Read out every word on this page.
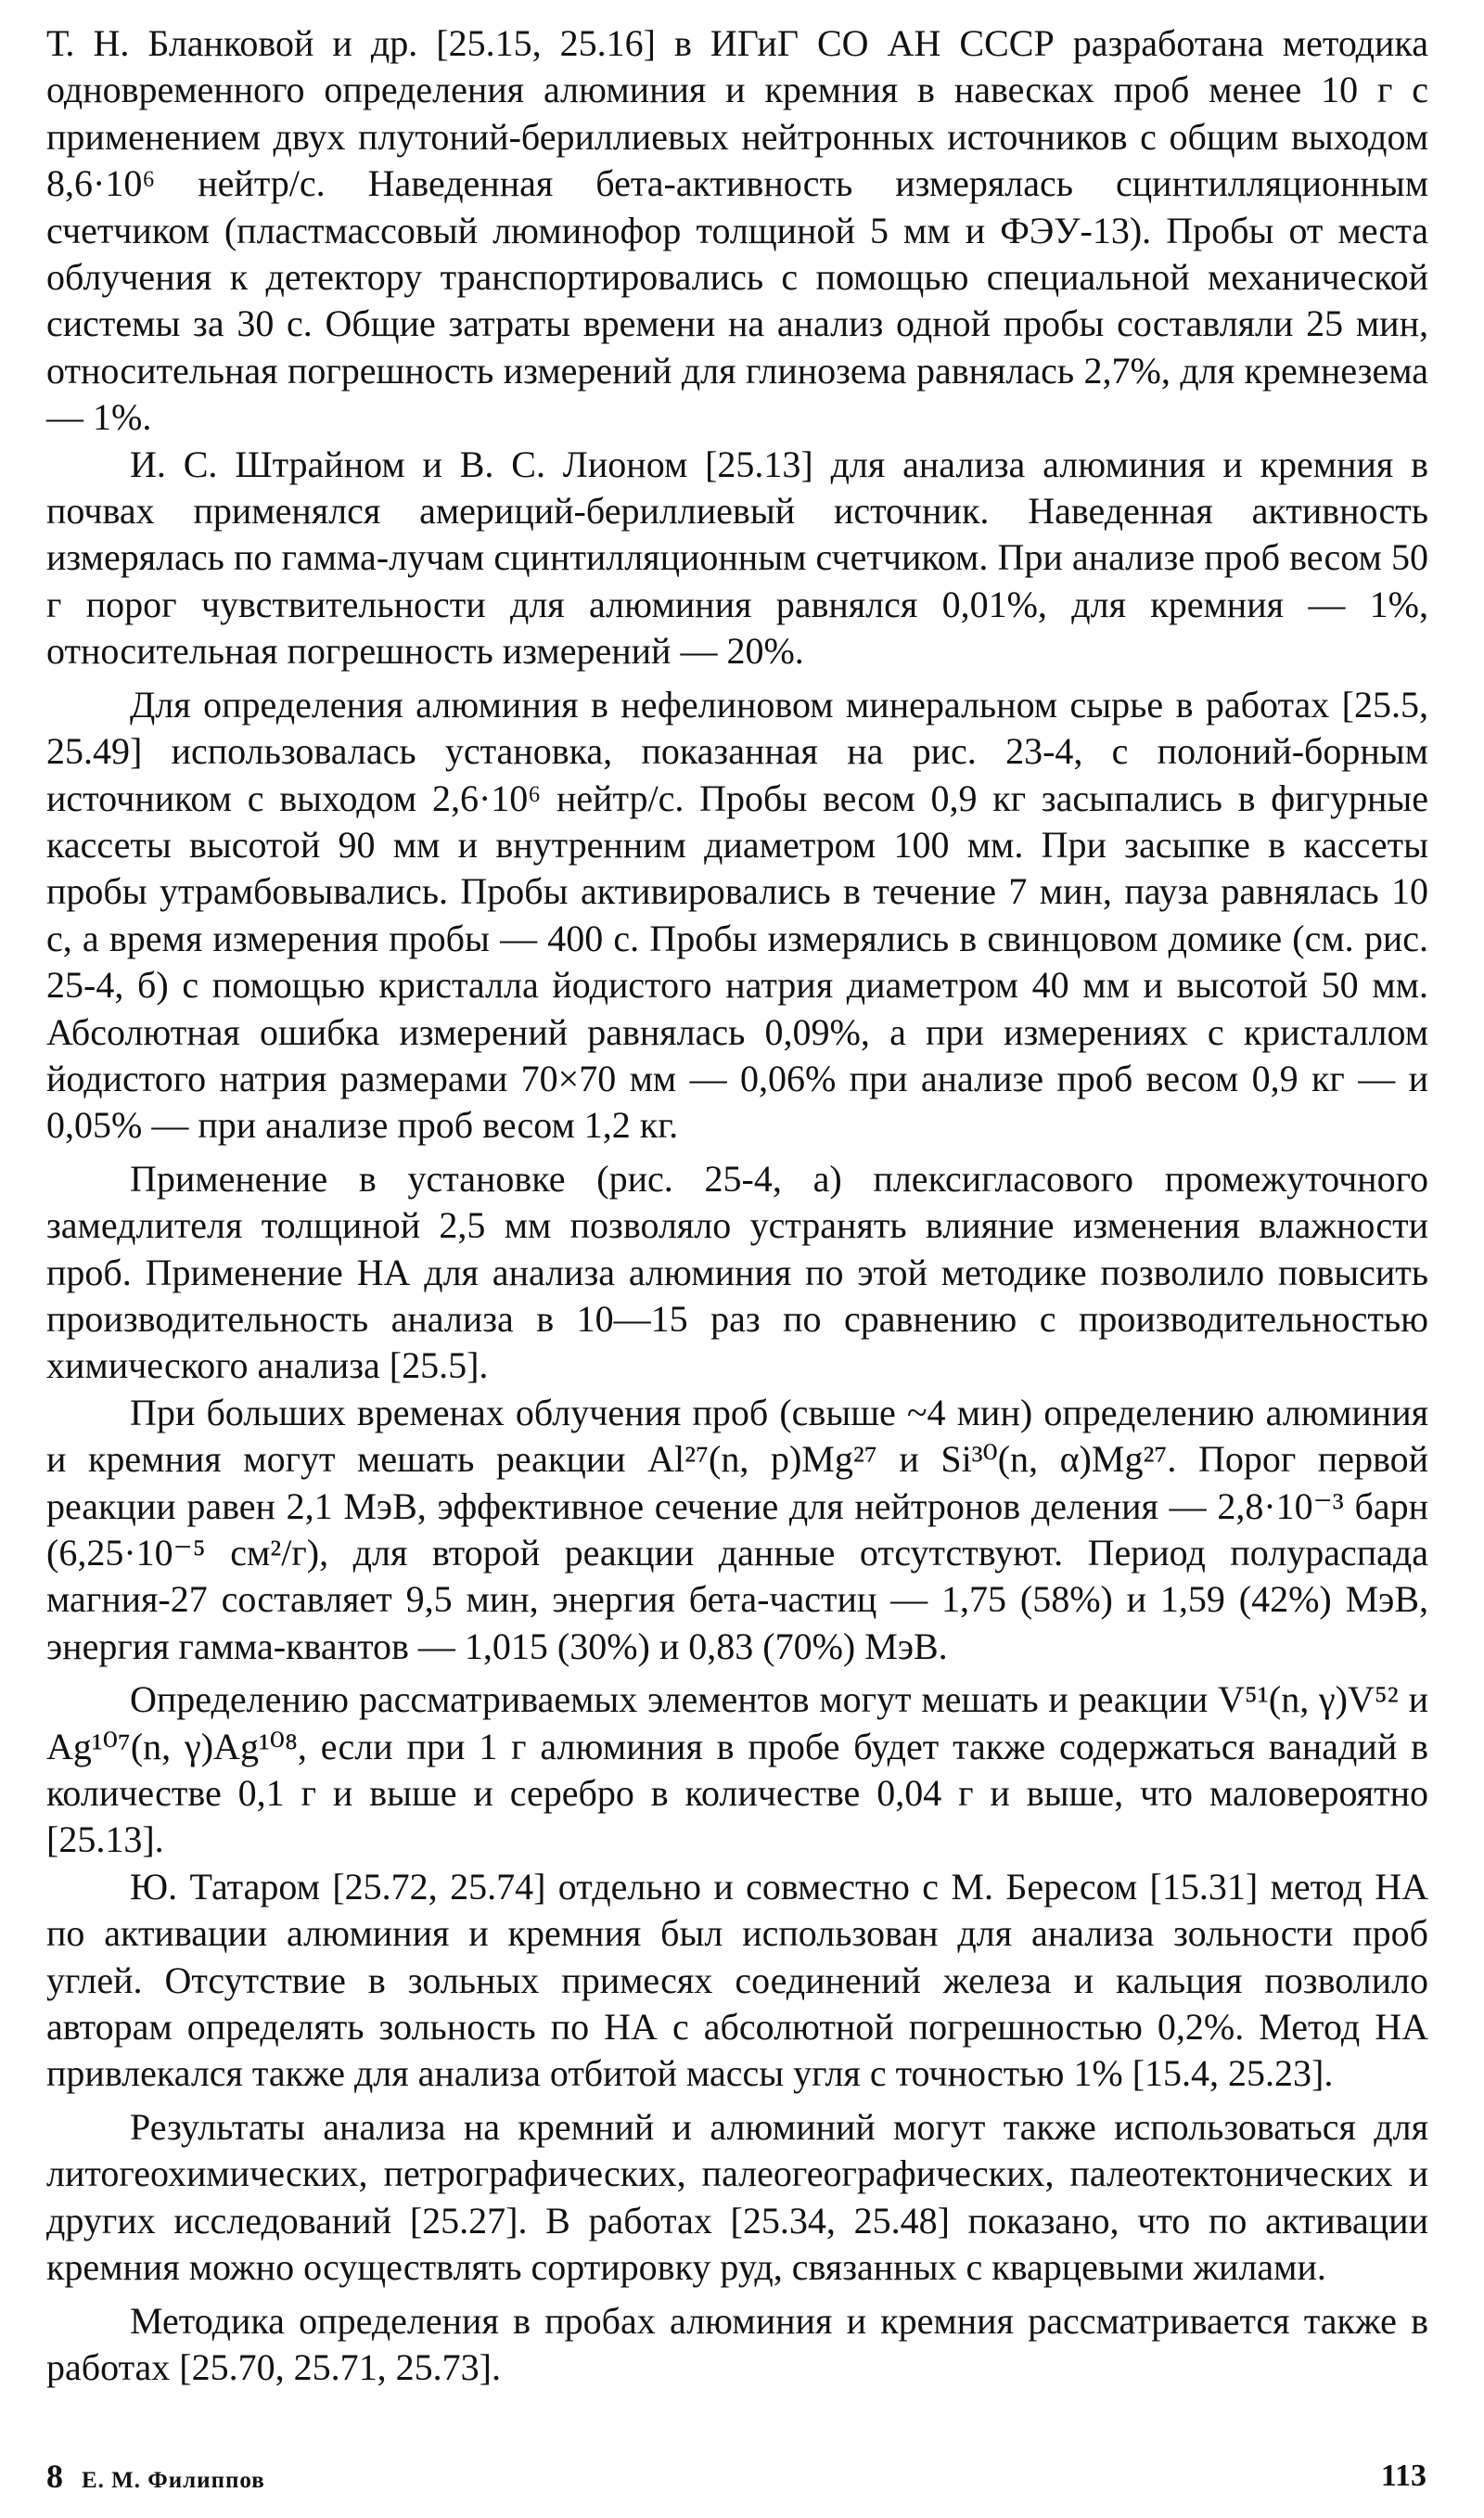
Т. Н. Бланковой и др. [25.15, 25.16] в ИГиГ СО АН СССР разработана методика одновременного определения алюминия и кремния в навесках проб менее 10 г с применением двух плутоний-бериллиевых нейтронных источников с общим выходом 8,6·10⁶ нейтр/с. Наведенная бета-активность измерялась сцинтилляционным счетчиком (пластмассовый люминофор толщиной 5 мм и ФЭУ-13). Пробы от места облучения к детектору транспортировались с помощью специальной механической системы за 30 с. Общие затраты времени на анализ одной пробы составляли 25 мин, относительная погрешность измерений для глинозема равнялась 2,7%, для кремнезема — 1%.

И. С. Штрайном и В. С. Лионом [25.13] для анализа алюминия и кремния в почвах применялся америций-бериллиевый источник. Наведенная активность измерялась по гамма-лучам сцинтилляционным счетчиком. При анализе проб весом 50 г порог чувствительности для алюминия равнялся 0,01%, для кремния — 1%, относительная погрешность измерений — 20%.

Для определения алюминия в нефелиновом минеральном сырье в работах [25.5, 25.49] использовалась установка, показанная на рис. 23-4, с полоний-борным источником с выходом 2,6·10⁶ нейтр/с. Пробы весом 0,9 кг засыпались в фигурные кассеты высотой 90 мм и внутренним диаметром 100 мм. При засыпке в кассеты пробы утрамбовывались. Пробы активировались в течение 7 мин, пауза равнялась 10 с, а время измерения пробы — 400 с. Пробы измерялись в свинцовом домике (см. рис. 25-4, б) с помощью кристалла йодистого натрия диаметром 40 мм и высотой 50 мм. Абсолютная ошибка измерений равнялась 0,09%, а при измерениях с кристаллом йодистого натрия размерами 70×70 мм — 0,06% при анализе проб весом 0,9 кг — и 0,05% — при анализе проб весом 1,2 кг.

Применение в установке (рис. 25-4, а) плексигласового промежуточного замедлителя толщиной 2,5 мм позволяло устранять влияние изменения влажности проб. Применение НА для анализа алюминия по этой методике позволило повысить производительность анализа в 10—15 раз по сравнению с производительностью химического анализа [25.5].

При больших временах облучения проб (свыше ~4 мин) определению алюминия и кремния могут мешать реакции Al²⁷(n, p)Mg²⁷ и Si³⁰(n, α)Mg²⁷. Порог первой реакции равен 2,1 МэВ, эффективное сечение для нейтронов деления — 2,8·10⁻³ барн (6,25·10⁻⁵ см²/г), для второй реакции данные отсутствуют. Период полураспада магния-27 составляет 9,5 мин, энергия бета-частиц — 1,75 (58%) и 1,59 (42%) МэВ, энергия гамма-квантов — 1,015 (30%) и 0,83 (70%) МэВ.

Определению рассматриваемых элементов могут мешать и реакции V⁵¹(n, γ)V⁵² и Ag¹⁰⁷(n, γ)Ag¹⁰⁸, если при 1 г алюминия в пробе будет также содержаться ванадий в количестве 0,1 г и выше и серебро в количестве 0,04 г и выше, что маловероятно [25.13].

Ю. Татаром [25.72, 25.74] отдельно и совместно с М. Бересом [15.31] метод НА по активации алюминия и кремния был использован для анализа зольности проб углей. Отсутствие в зольных примесях соединений железа и кальция позволило авторам определять зольность по НА с абсолютной погрешностью 0,2%. Метод НА привлекался также для анализа отбитой массы угля с точностью 1% [15.4, 25.23].

Результаты анализа на кремний и алюминий могут также использоваться для литогеохимических, петрографических, палеогеографических, палеотектонических и других исследований [25.27]. В работах [25.34, 25.48] показано, что по активации кремния можно осуществлять сортировку руд, связанных с кварцевыми жилами.

Методика определения в пробах алюминия и кремния рассматривается также в работах [25.70, 25.71, 25.73].

8 Е. М. Филиппов	113
